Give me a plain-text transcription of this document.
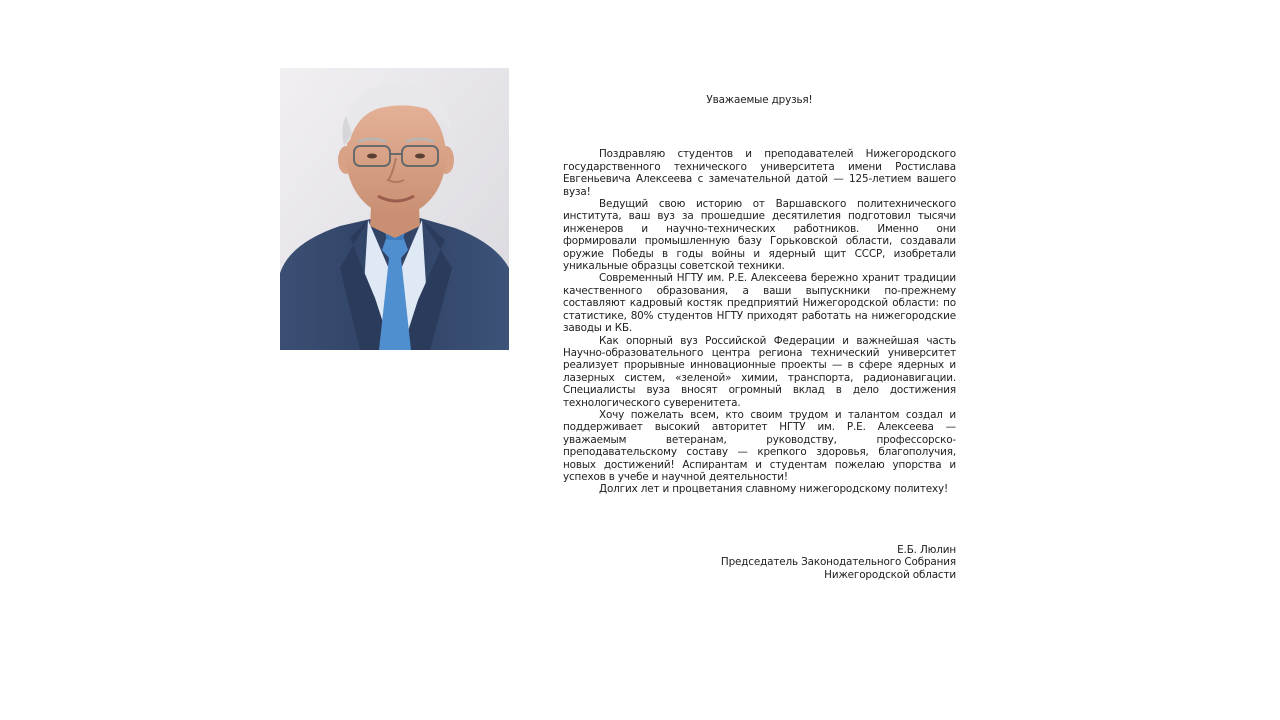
Уважаемые друзья!

Поздравляю студентов и преподавателей Нижегородского государственного технического университета имени Ростислава Евгеньевича Алексеева с замечательной датой — 125-летием вашего вуза!

Ведущий свою историю от Варшавского политехнического института, ваш вуз за прошедшие десятилетия подготовил тысячи инженеров и научно-технических работников. Именно они формировали промышленную базу Горьковской области, создавали оружие Победы в годы войны и ядерный щит СССР, изобретали уникальные образцы советской техники.

Современный НГТУ им. Р.Е. Алексеева бережно хранит традиции качественного образования, а ваши выпускники по-прежнему составляют кадровый костяк предприятий Нижегородской области: по статистике, 80% студентов НГТУ приходят работать на нижегородские заводы и КБ.

Как опорный вуз Российской Федерации и важнейшая часть Научно-образовательного центра региона технический университет реализует прорывные инновационные проекты — в сфере ядерных и лазерных систем, «зеленой» химии, транспорта, радионавигации. Специалисты вуза вносят огромный вклад в дело достижения технологического суверенитета.

Хочу пожелать всем, кто своим трудом и талантом создал и поддерживает высокий авторитет НГТУ им. Р.Е. Алексеева — уважаемым ветеранам, руководству, профессорско-преподавательскому составу — крепкого здоровья, благополучия, новых достижений! Аспирантам и студентам пожелаю упорства и успехов в учебе и научной деятельности!

Долгих лет и процветания славному нижегородскому политеху!

Е.Б. Люлин
Председатель Законодательного Собрания
Нижегородской области
